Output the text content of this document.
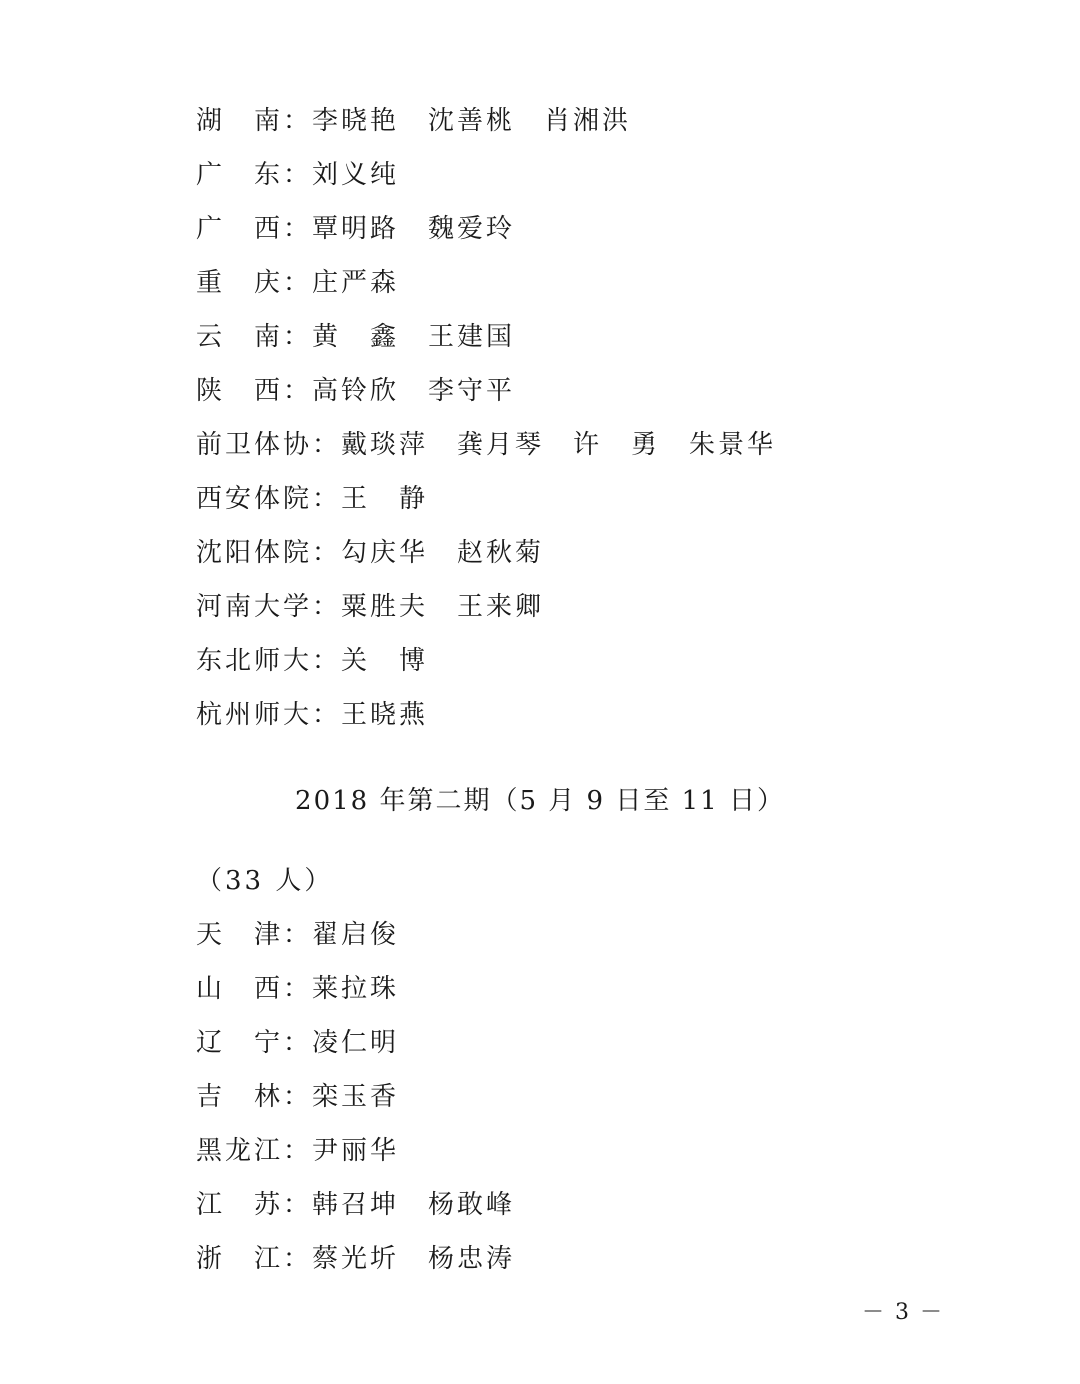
湖　南：李晓艳　沈善桃　肖湘洪
广　东：刘义纯
广　西：覃明路　魏爱玲
重　庆：庄严森
云　南：黄　鑫　王建国
陕　西：高铃欣　李守平
前卫体协：戴琰萍　龚月琴　许　勇　朱景华
西安体院：王　静
沈阳体院：勾庆华　赵秋菊
河南大学：粟胜夫　王来卿
东北师大：关　博
杭州师大：王晓燕
2018 年第二期（5 月 9 日至 11 日）
（33 人）
天　津：翟启俊
山　西：莱拉珠
辽　宁：凌仁明
吉　林：栾玉香
黑龙江：尹丽华
江　苏：韩召坤　杨敢峰
浙　江：蔡光圻　杨忠涛
－ 3 －
